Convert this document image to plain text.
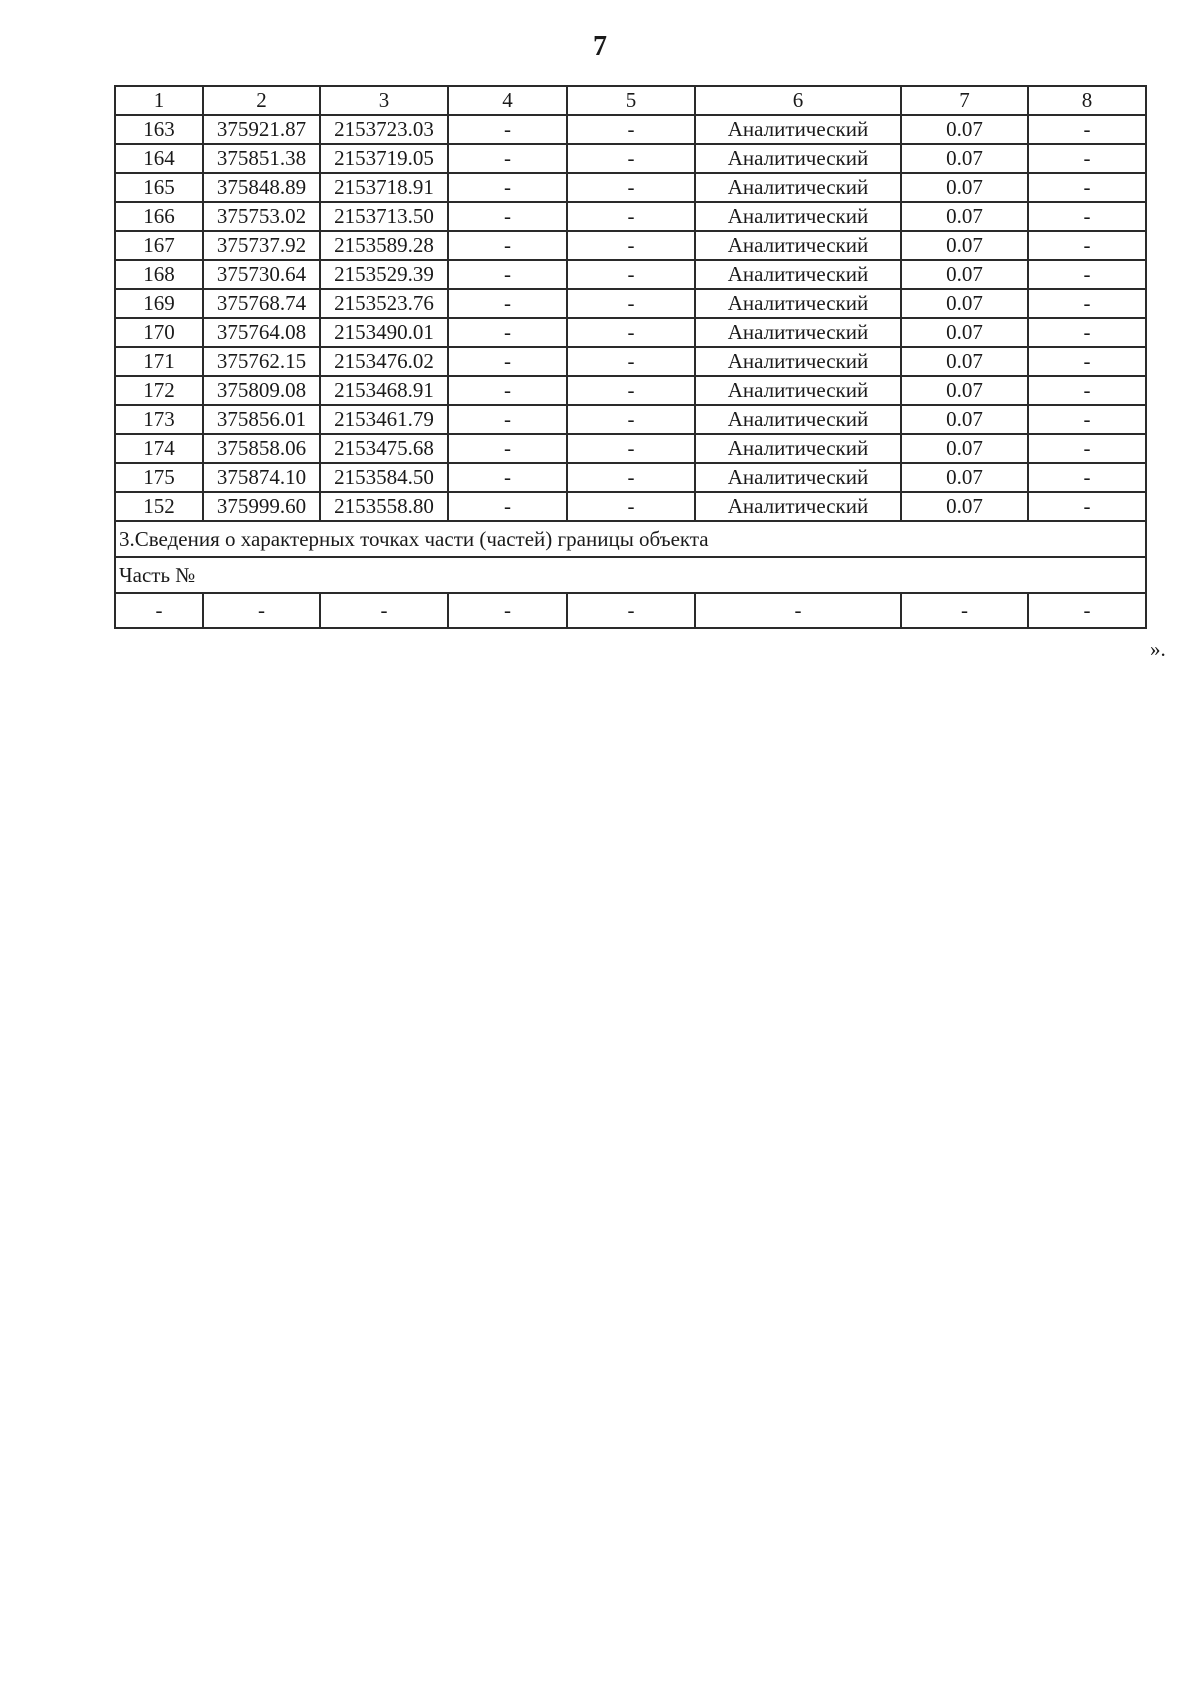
7
1	2	3	4	5	6	7	8
163	375921.87	2153723.03	-	-	Аналитический	0.07	-
164	375851.38	2153719.05	-	-	Аналитический	0.07	-
165	375848.89	2153718.91	-	-	Аналитический	0.07	-
166	375753.02	2153713.50	-	-	Аналитический	0.07	-
167	375737.92	2153589.28	-	-	Аналитический	0.07	-
168	375730.64	2153529.39	-	-	Аналитический	0.07	-
169	375768.74	2153523.76	-	-	Аналитический	0.07	-
170	375764.08	2153490.01	-	-	Аналитический	0.07	-
171	375762.15	2153476.02	-	-	Аналитический	0.07	-
172	375809.08	2153468.91	-	-	Аналитический	0.07	-
173	375856.01	2153461.79	-	-	Аналитический	0.07	-
174	375858.06	2153475.68	-	-	Аналитический	0.07	-
175	375874.10	2153584.50	-	-	Аналитический	0.07	-
152	375999.60	2153558.80	-	-	Аналитический	0.07	-
3.Сведения о характерных точках части (частей) границы объекта							
Часть №							
-	-	-	-	-	-	-	-
».
